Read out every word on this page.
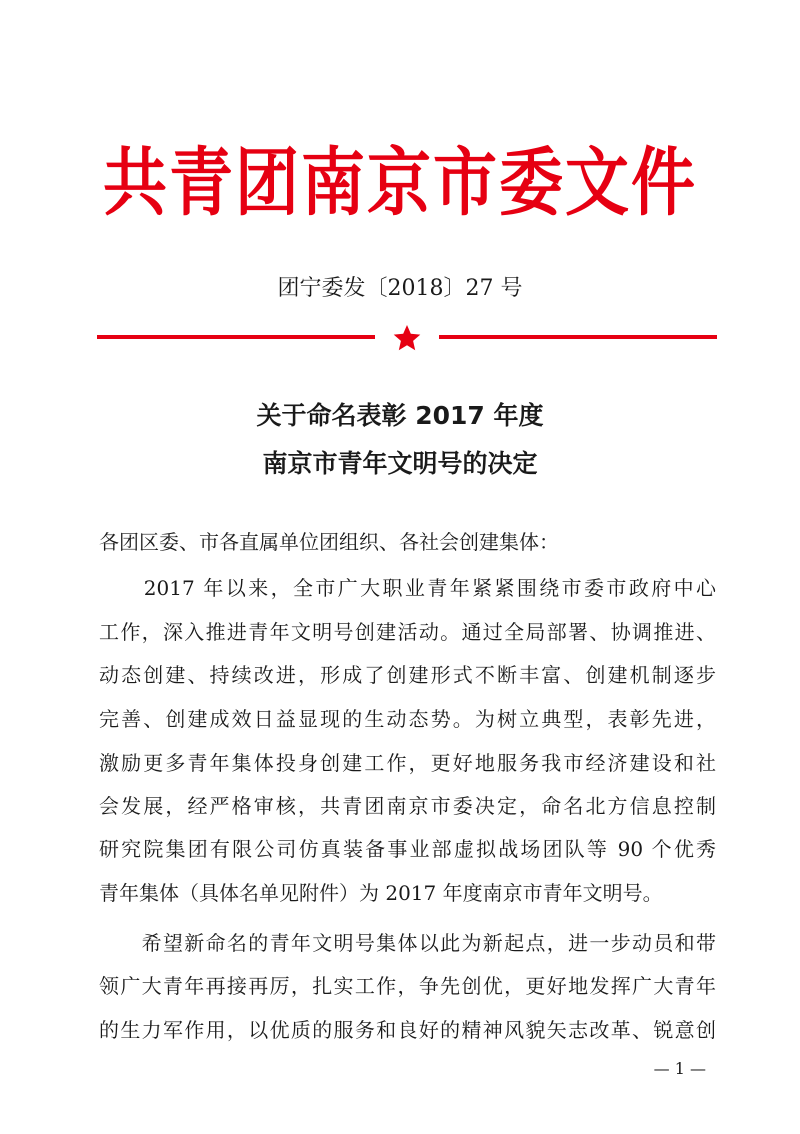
共青团南京市委文件
团宁委发〔2018〕27 号
关于命名表彰 2017 年度
南京市青年文明号的决定
各团区委、市各直属单位团组织、各社会创建集体：
　　2017 年以来，全市广大职业青年紧紧围绕市委市政府中心
工作，深入推进青年文明号创建活动。通过全局部署、协调推进、
动态创建、持续改进，形成了创建形式不断丰富、创建机制逐步
完善、创建成效日益显现的生动态势。为树立典型，表彰先进，
激励更多青年集体投身创建工作，更好地服务我市经济建设和社
会发展，经严格审核，共青团南京市委决定，命名北方信息控制
研究院集团有限公司仿真装备事业部虚拟战场团队等 90 个优秀
青年集体（具体名单见附件）为 2017 年度南京市青年文明号。
　　希望新命名的青年文明号集体以此为新起点，进一步动员和带
领广大青年再接再厉，扎实工作，争先创优，更好地发挥广大青年
的生力军作用，以优质的服务和良好的精神风貌矢志改革、锐意创
— 1 —
